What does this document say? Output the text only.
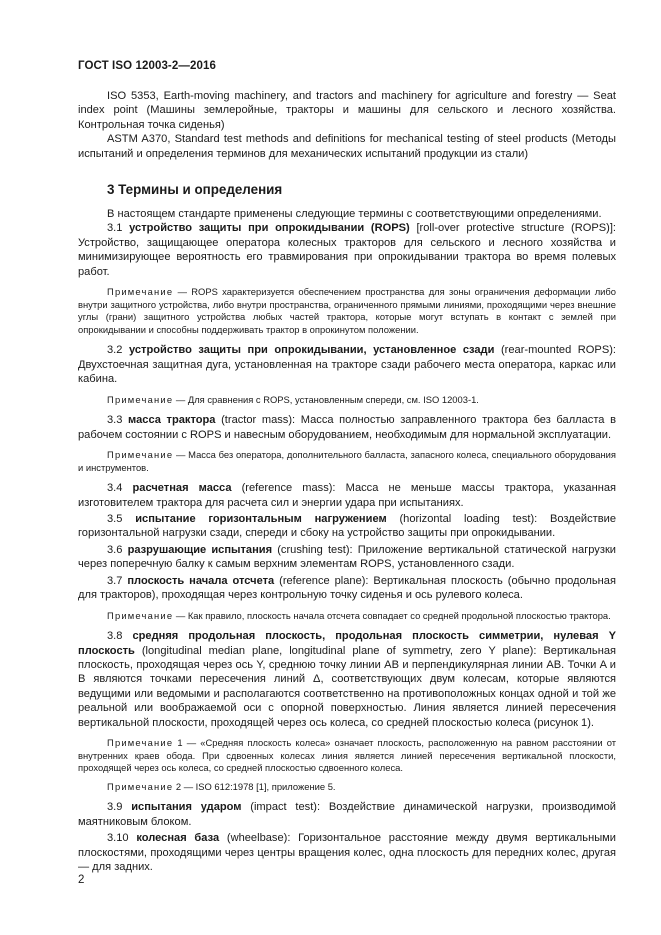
ГОСТ ISO 12003-2—2016

ISO 5353, Earth-moving machinery, and tractors and machinery for agriculture and forestry — Seat index point (Машины землеройные, тракторы и машины для сельского и лесного хозяйства. Контрольная точка сиденья)

ASTM A370, Standard test methods and definitions for mechanical testing of steel products (Методы испытаний и определения терминов для механических испытаний продукции из стали)

3 Термины и определения

В настоящем стандарте применены следующие термины с соответствующими определениями.

3.1 устройство защиты при опрокидывании (ROPS) [roll-over protective structure (ROPS)]: Устройство, защищающее оператора колесных тракторов для сельского и лесного хозяйства и минимизирующее вероятность его травмирования при опрокидывании трактора во время полевых работ.

Примечание — ROPS характеризуется обеспечением пространства для зоны ограничения деформации либо внутри защитного устройства, либо внутри пространства, ограниченного прямыми линиями, проходящими через внешние углы (грани) защитного устройства любых частей трактора, которые могут вступать в контакт с землей при опрокидывании и способны поддерживать трактор в опрокинутом положении.

3.2 устройство защиты при опрокидывании, установленное сзади (rear-mounted ROPS): Двухстоечная защитная дуга, установленная на тракторе сзади рабочего места оператора, каркас или кабина.

Примечание — Для сравнения с ROPS, установленным спереди, см. ISO 12003-1.

3.3 масса трактора (tractor mass): Масса полностью заправленного трактора без балласта в рабочем состоянии с ROPS и навесным оборудованием, необходимым для нормальной эксплуатации.

Примечание — Масса без оператора, дополнительного балласта, запасного колеса, специального оборудования и инструментов.

3.4 расчетная масса (reference mass): Масса не меньше массы трактора, указанная изготовителем трактора для расчета сил и энергии удара при испытаниях.

3.5 испытание горизонтальным нагружением (horizontal loading test): Воздействие горизонтальной нагрузки сзади, спереди и сбоку на устройство защиты при опрокидывании.

3.6 разрушающие испытания (crushing test): Приложение вертикальной статической нагрузки через поперечную балку к самым верхним элементам ROPS, установленного сзади.

3.7 плоскость начала отсчета (reference plane): Вертикальная плоскость (обычно продольная для тракторов), проходящая через контрольную точку сиденья и ось рулевого колеса.

Примечание — Как правило, плоскость начала отсчета совпадает со средней продольной плоскостью трактора.

3.8 средняя продольная плоскость, продольная плоскость симметрии, нулевая Y плоскость (longitudinal median plane, longitudinal plane of symmetry, zero Y plane): Вертикальная плоскость, проходящая через ось Y, среднюю точку линии AB и перпендикулярная линии AB. Точки A и B являются точками пересечения линий Δ, соответствующих двум колесам, которые являются ведущими или ведомыми и располагаются соответственно на противоположных концах одной и той же реальной или воображаемой оси с опорной поверхностью. Линия является линией пересечения вертикальной плоскости, проходящей через ось колеса, со средней плоскостью колеса (рисунок 1).

Примечание 1 — «Средняя плоскость колеса» означает плоскость, расположенную на равном расстоянии от внутренних краев обода. При сдвоенных колесах линия является линией пересечения вертикальной плоскости, проходящей через ось колеса, со средней плоскостью сдвоенного колеса.

Примечание 2 — ISO 612:1978 [1], приложение 5.

3.9 испытания ударом (impact test): Воздействие динамической нагрузки, производимой маятниковым блоком.

3.10 колесная база (wheelbase): Горизонтальное расстояние между двумя вертикальными плоскостями, проходящими через центры вращения колес, одна плоскость для передних колес, другая — для задних.

2
